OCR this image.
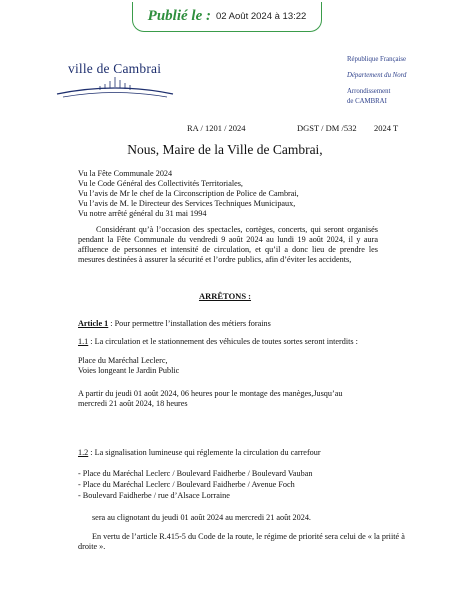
Publié le : 02 Août 2024 à 13:22
ville de Cambrai
République Française
Département du Nord
Arrondissement
de CAMBRAI
RA / 1201 / 2024	DGST / DM /532 2024 T
Nous, Maire de la Ville de Cambrai,
Vu la Fête Communale 2024
Vu le Code Général des Collectivités Territoriales,
Vu l’avis de Mr le chef de la Circonscription de Police de Cambrai,
Vu l’avis de M. le Directeur des Services Techniques Municipaux,
Vu notre arrêté général du 31 mai 1994
Considérant qu’à l’occasion des spectacles, cortèges, concerts, qui seront organisés pendant la Fête Communale du vendredi 9 août 2024 au lundi 19 août 2024, il y aura affluence de personnes et intensité de circulation, et qu’il a donc lieu de prendre les mesures destinées à assurer la sécurité et l’ordre publics, afin d’éviter les accidents,
ARRÊTONS :
Article 1 : Pour permettre l’installation des métiers forains
1.1 : La circulation et le stationnement des véhicules de toutes sortes seront interdits :
Place du Maréchal Leclerc,
Voies longeant le Jardin Public
A partir du jeudi 01 août 2024, 06 heures pour le montage des manèges,Jusqu’au
mercredi 21 août 2024, 18 heures
1.2 : La signalisation lumineuse qui réglemente la circulation du carrefour
- Place du Maréchal Leclerc / Boulevard Faidherbe / Boulevard Vauban
- Place du Maréchal Leclerc / Boulevard Faidherbe / Avenue Foch
- Boulevard Faidherbe / rue d’Alsace Lorraine
sera au clignotant du jeudi 01 août 2024 au mercredi 21 août 2024.
En vertu de l’article R.415-5 du Code de la route, le régime de priorité sera celui de « la priité à
droite ».
